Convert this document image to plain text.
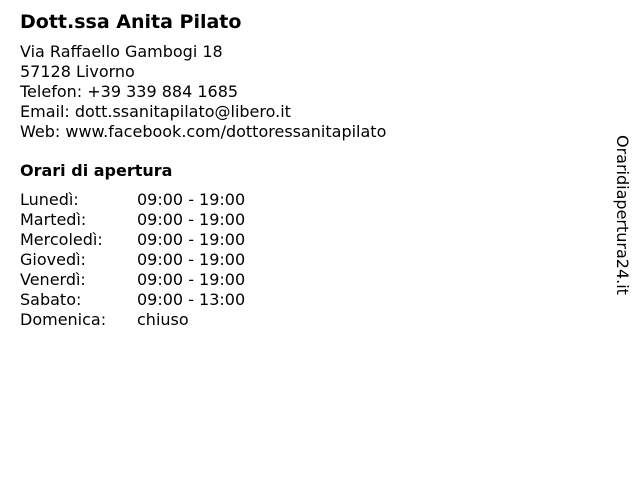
Dott.ssa Anita Pilato
Via Raffaello Gambogi 18
57128 Livorno
Telefon: +39 339 884 1685
Email: dott.ssanitapilato@libero.it
Web: www.facebook.com/dottoressanitapilato
Orari di apertura
Lunedì:	09:00 - 19:00
Martedì:	09:00 - 19:00
Mercoledì:	09:00 - 19:00
Giovedì:	09:00 - 19:00
Venerdì:	09:00 - 19:00
Sabato:	09:00 - 13:00
Domenica:	chiuso
Oraridiapertura24.it
